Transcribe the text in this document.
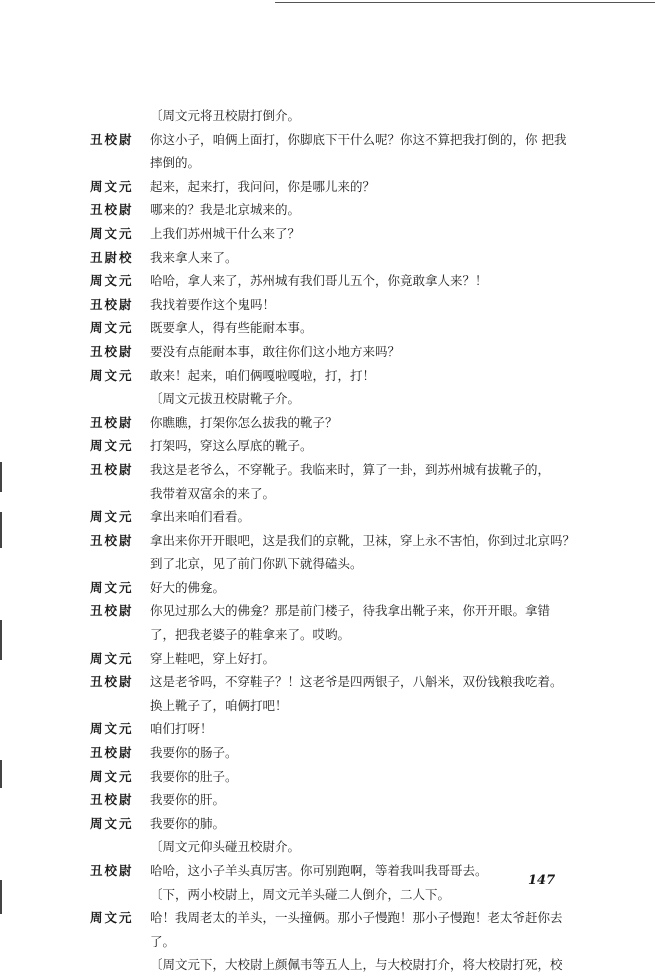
〔周文元将丑校尉打倒介。
丑校尉	你这小子，咱俩上面打，你脚底下干什么呢？你这不算把我打倒的，你 把我
摔倒的。
周文元	起来，起来打，我问问，你是哪儿来的？
丑校尉	哪来的？我是北京城来的。
周文元	上我们苏州城干什么来了？
丑尉校	我来拿人来了。
周文元	哈哈，拿人来了，苏州城有我们哥儿五个，你竟敢拿人来？！
丑校尉	我找着要作这个鬼吗！
周文元	既要拿人，得有些能耐本事。
丑校尉	要没有点能耐本事，敢往你们这小地方来吗？
周文元	敢来！起来，咱们俩嘎啦嘎啦，打，打！
〔周文元拔丑校尉靴子介。
丑校尉	你瞧瞧，打架你怎么拔我的靴子？
周文元	打架吗，穿这么厚底的靴子。
丑校尉	我这是老爷么，不穿靴子。我临来时，算了一卦，到苏州城有拔靴子的，
我带着双富余的来了。
周文元	拿出来咱们看看。
丑校尉	拿出来你开开眼吧，这是我们的京靴，卫袜，穿上永不害怕，你到过北京吗？
到了北京，见了前门你趴下就得磕头。
周文元	好大的佛龛。
丑校尉	你见过那么大的佛龛？那是前门楼子，待我拿出靴子来，你开开眼。拿错
了，把我老婆子的鞋拿来了。哎哟。
周文元	穿上鞋吧，穿上好打。
丑校尉	这是老爷吗，不穿鞋子？！这老爷是四两银子，八斛米，双份钱粮我吃着。
换上靴子了，咱俩打吧！
周文元	咱们打呀！
丑校尉	我要你的肠子。
周文元	我要你的肚子。
丑校尉	我要你的肝。
周文元	我要你的肺。
〔周文元仰头碰丑校尉介。
丑校尉	哈哈，这小子羊头真厉害。你可别跑啊，等着我叫我哥哥去。
〔下，两小校尉上，周文元羊头碰二人倒介，二人下。
周文元	哈！我周老太的羊头，一头撞俩。那小子慢跑！那小子慢跑！老太爷赶你去
了。
〔周文元下，大校尉上颜佩韦等五人上，与大校尉打介，将大校尉打死，校
147
